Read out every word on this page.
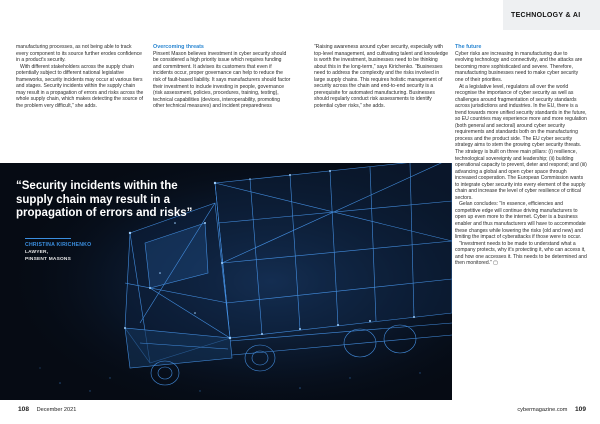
TECHNOLOGY & AI

manufacturing processes, as not being able to track every component to its source further erodes confidence in a product's security.

With different stakeholders across the supply chain potentially subject to different national legislative frameworks, security incidents may occur at various tiers and stages. Security incidents within the supply chain may result in a propagation of errors and risks across the whole supply chain, which makes detecting the source of the problem very difficult,” she adds.

Overcoming threats

Pinsent Mason believes investment in cyber security should be considered a high priority issue which requires funding and commitment. It advises its customers that even if incidents occur, proper governance can help to reduce the risk of fault-based liability. It says manufacturers should factor their investment to include investing in people, governance (risk assessment, policies, procedures, training, testing), technical capabilities (devices, interoperability, promoting other technical measures) and incident preparedness

“Raising awareness around cyber security, especially with top-level management, and cultivating talent and knowledge is worth the investment, businesses need to be thinking about this in the long-term,” says Kirichenko. “Businesses need to address the complexity and the risks involved in large supply chains. This requires holistic management of security across the chain and end-to-end security is a prerequisite for automated manufacturing. Businesses should regularly conduct risk assessments to identify potential cyber risks,” she adds.

The future

Cyber risks are increasing in manufacturing due to evolving technology and connectivity, and the attacks are becoming more sophisticated and severe. Therefore, manufacturing businesses need to make cyber security one of their priorities.

At a legislative level, regulators all over the world recognise the importance of cyber security as well as challenges around fragmentation of security standards across jurisdictions and industries. In the EU, there is a trend towards more unified security standards in the future, so EU countries may experience more and more regulation (both general and sectoral) around cyber security requirements and standards both on the manufacturing process and the product side. The EU cyber security strategy aims to stem the growing cyber security threats. The strategy is built on three main pillars: (i) resilience, technological sovereignty and leadership; (ii) building operational capacity to prevent, deter and respond; and (iii) advancing a global and open cyber space through increased cooperation. The European Commission wants to integrate cyber security into every element of the supply chain and increase the level of cyber resilience of critical sectors.

Gelan concludes: “In essence, efficiencies and competitive edge will continue driving manufacturers to open up even more to the internet. Cyber is a business enabler and thus manufacturers will have to accommodate these changes while lowering the risks (old and new) and limiting the impact of cyberattacks if those were to occur.

“Investment needs to be made to understand what a company protects, why it's protecting it, who can access it, and how one accesses it. This needs to be determined and then monitored.” ▢

“Security incidents within the supply chain may result in a propagation of errors and risks”
CHRISTINA KIRICHENKO
LAWYER,
PINSENT MASONS
108 December 2021	cybermagazine.com 109
